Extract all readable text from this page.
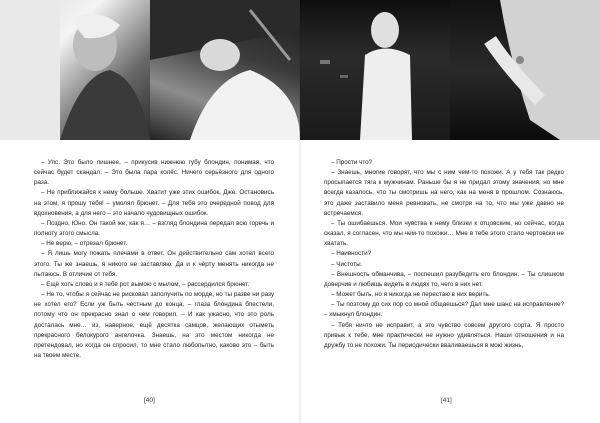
– Упс. Это было лишнее, – прикусив нижнюю губу блондин, понимая, что сейчас будет скандал. – Это была пара колёс. Ничего серьёзного для одного раза.

– Не приближайся к нему больше. Хватит уже этих ошибок, Дже. Остановись на этом, я прошу тебя! – умолял брюнет. – Для тебя это очередной повод для вдохновения, а для него – это начало чудовищных ошибок.

– Поздно, Юно. Он такой же, как я… – взгляд блондина передал всю горечь и полноту этого смысла.

– Не верю, – отрезал брюнет.

– Я лишь могу пожать плечами в ответ. Он действительно сам хотел всего этого. Ты же знаешь, я никого не заставляю. Да и к чёрту менять никогда не пытаюсь. В отличие от тебя.

– Ещё хоть слово и я тебе рот вымою с мылом, – рассердился брюнет.

– Не то, чтобы я сейчас не рисковал заполучить по морде, но ты разве ни разу не хотел его? Если уж быть честным до конца, – глаза блондина блестели, потому что он прекрасно знал о чем говорил. – И как ужасно, что это роль досталась мне… из, наверное, ещё десятка самцов, желающих отыметь прекрасного белокурого ангелочка. Знаешь, на это местом никогда не претендовал, но когда он спросил, то мне стало любопытно, каково это – быть на твоем месте.

– Прости что?

– Знаешь, многие говорят, что мы с ним чем-то похожи. А у тебя так редко просыпается тяга к мужчинам. Раньше бы я не придал этому значения, но мне всегда казалось, что ты смотришь на него, как на меня в прошлом. Сознаюсь, это даже заставило меня ревновать, не смотря на то, что мы уже давно не встречаемся.

– Ты ошибаешься. Мои чувства к нему близки к отцовским, но сейчас, когда сказал, я согласен, что мы чем-то похожи… Мне в тебе этого стало чертовски не хватать.

– Наивности?

– Чистоты.

– Внешность обманчива, – поспешил разубедить его блондин. – Ты слишком доверчив и любишь видеть в людях то, чего в них нет.

– Может быть, но я никогда не перестаю в них верить.

– Ты поэтому до сих пор со мной общаешься? Дал мне шанс на исправление? – хмыкнул блондин.

– Тебя ничто не исправит, а это чувство совсем другого сорта. Я просто привык к тебе, мне практически не нужно удивляться. Наши отношения и на дружбу то не похожи. Ты периодически вваливаешься в мою жизнь,

[40]	[41]
